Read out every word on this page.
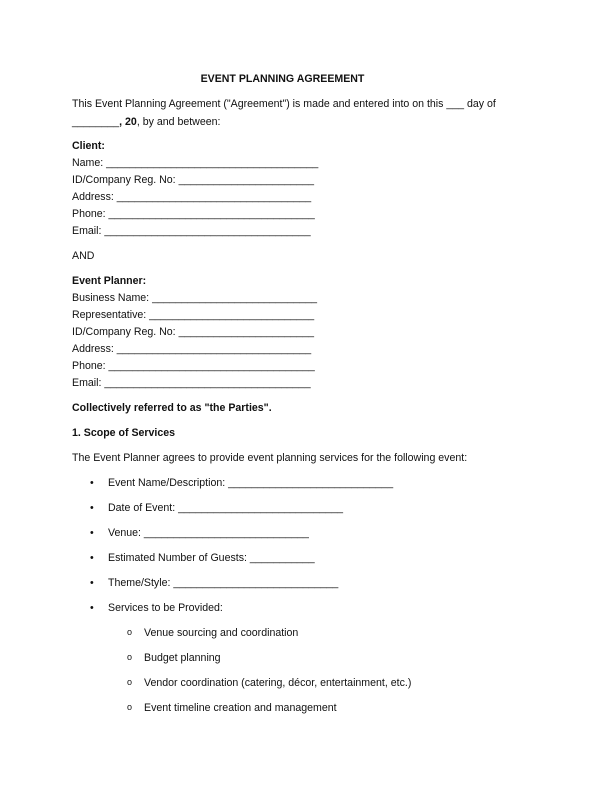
EVENT PLANNING AGREEMENT
This Event Planning Agreement ("Agreement") is made and entered into on this ___ day of
________, 20, by and between:
Client:
Name: ____________________________________
ID/Company Reg. No: _______________________
Address: _________________________________
Phone: ___________________________________
Email: ___________________________________
AND
Event Planner:
Business Name: ____________________________
Representative: ____________________________
ID/Company Reg. No: _______________________
Address: _________________________________
Phone: ___________________________________
Email: ___________________________________
Collectively referred to as "the Parties".
1. Scope of Services
The Event Planner agrees to provide event planning services for the following event:
• Event Name/Description: ____________________________
• Date of Event: ____________________________
• Venue: ____________________________
• Estimated Number of Guests: ___________
• Theme/Style: ____________________________
• Services to be Provided:
o Venue sourcing and coordination
o Budget planning
o Vendor coordination (catering, décor, entertainment, etc.)
o Event timeline creation and management
